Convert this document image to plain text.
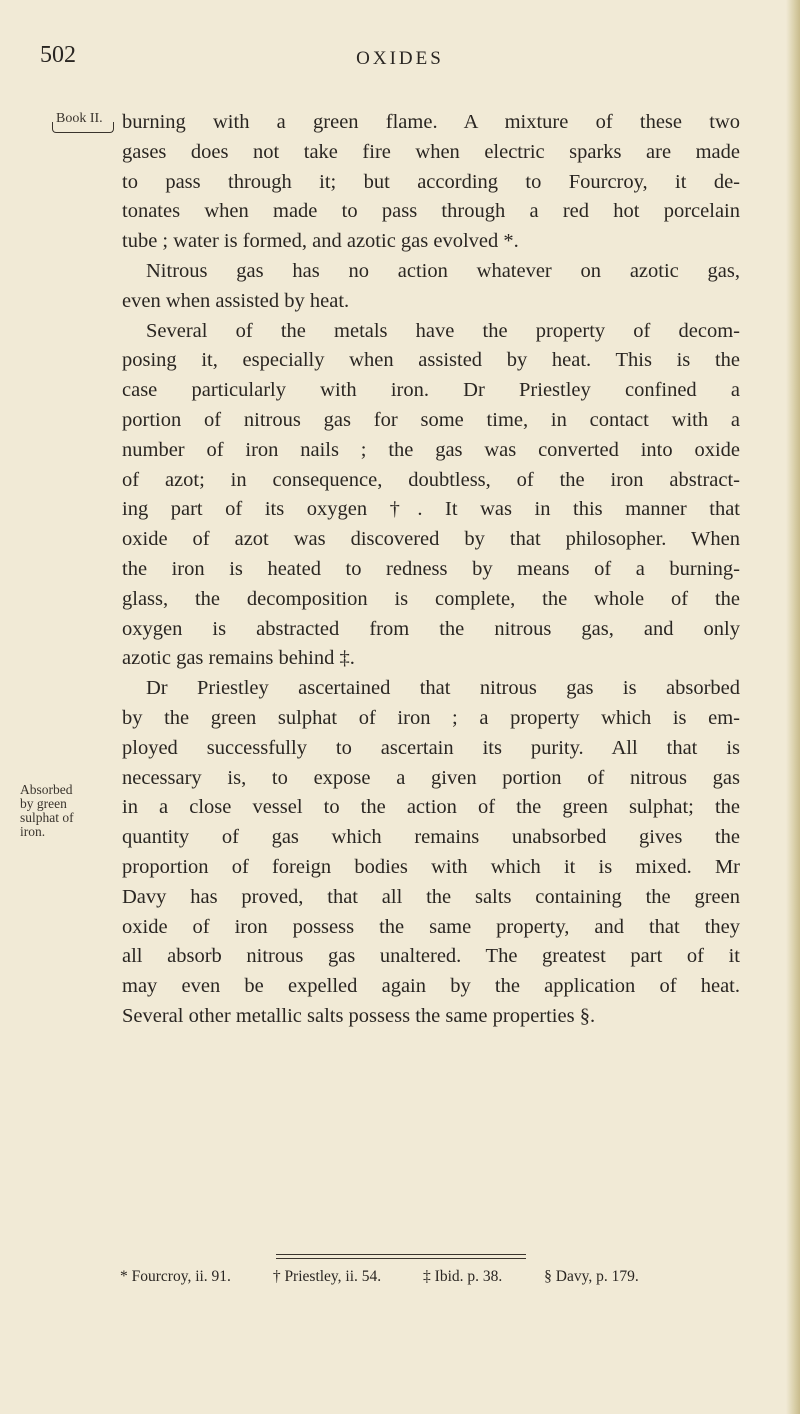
502	OXIDES
Book II.
Absorbed
by green
sulphat of
iron.
burning with a green flame. A mixture of these two
gases does not take fire when electric sparks are made
to pass through it; but according to Fourcroy, it de-
tonates when made to pass through a red hot porcelain
tube ; water is formed, and azotic gas evolved *.
Nitrous gas has no action whatever on azotic gas,
even when assisted by heat.
Several of the metals have the property of decom-
posing it, especially when assisted by heat. This is the
case particularly with iron. Dr Priestley confined a
portion of nitrous gas for some time, in contact with a
number of iron nails ; the gas was converted into oxide
of azot; in consequence, doubtless, of the iron abstract-
ing part of its oxygen †. It was in this manner that
oxide of azot was discovered by that philosopher. When
the iron is heated to redness by means of a burning-
glass, the decomposition is complete, the whole of the
oxygen is abstracted from the nitrous gas, and only
azotic gas remains behind ‡.
Dr Priestley ascertained that nitrous gas is absorbed
by the green sulphat of iron ; a property which is em-
ployed successfully to ascertain its purity. All that is
necessary is, to expose a given portion of nitrous gas
in a close vessel to the action of the green sulphat; the
quantity of gas which remains unabsorbed gives the
proportion of foreign bodies with which it is mixed. Mr
Davy has proved, that all the salts containing the green
oxide of iron possess the same property, and that they
all absorb nitrous gas unaltered. The greatest part of it
may even be expelled again by the application of heat.
Several other metallic salts possess the same properties §.
* Fourcroy, ii. 91.	† Priestley, ii. 54.	‡ Ibid. p. 38.	§ Davy, p. 179.
